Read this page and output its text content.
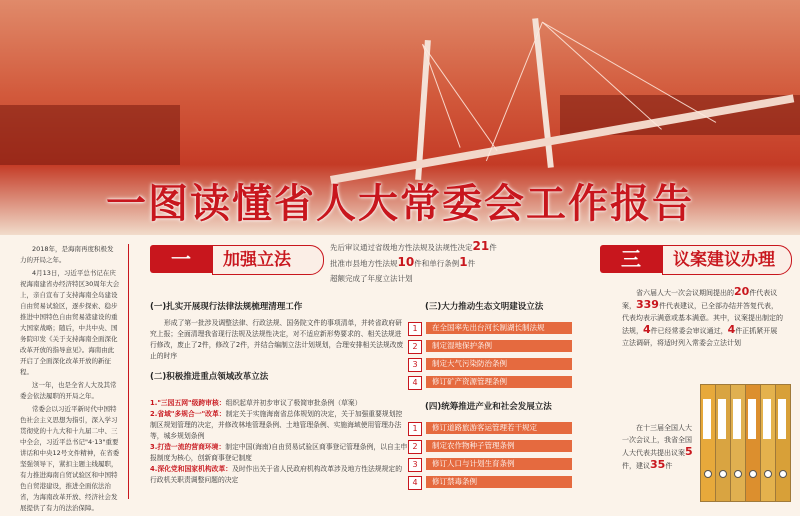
一图读懂省人大常委会工作报告

2018年，是海南再度积极发力的开局之年。

4月13日，习近平总书记在庆祝海南建省办经济特区30周年大会上，亲自宣布了支持海南全岛建设自由贸易试验区，逐步探索、稳步推进中国特色自由贸易港建设的重大国家战略；随后，中共中央、国务院印发《关于支持海南全面深化改革开放的指导意见》。海南由此开启了全面深化改革开放的新征程。

这一年，也是全省人大及其常委会依法履职的开局之年。

常委会以习近平新时代中国特色社会主义思想为指引，深入学习贯彻党的十九大和十九届二中、三中全会，习近平总书记"4·13"重要讲话和中央12号文件精神，在省委坚强领导下，紧扣主题主线履职，有力推进海南自贸试验区和中国特色自贸港建设，推进全面依法治省，为海南改革开放、经济社会发展提供了有力的法治保障。

一	加强立法
先后审议通过省级地方性法规及法规性决定21件
批准市县地方性法规10件和单行条例1件
超额完成了年度立法计划
(一)扎实开展现行法律法规梳理清理工作
形成了第一批涉及调整法律、行政法规、国务院文件的事项清单，并转省政府研究上报；全面清理我省现行法规及法规性决定，对不适应新形势要求的、相关法规进行修改，废止了2件，修改了2件，并结合编制立法计划规划，合理安排相关法规改废止的时序
(二)积极推进重点领域改革立法
1."三园五网"级跨审核：组织起草并初步审议了极简审批条例（草案）
2.省域"多规合一"改革：制定关于实施海南省总体规划的决定，关于加强重要规划控制区规划管理的决定，并修改林地管理条例、土地管理条例、实施海域使用管理办法等，城乡规划条例
3.打造一流的营商环境：制定中国(海南)自由贸易试验区商事登记管理条例，以自主申报制度为核心，创新商事登记制度
4.深化党和国家机构改革：及时作出关于省人民政府机构改革涉及地方性法规规定的行政机关职责调整问题的决定
(三)大力推动生态文明建设立法
1	在全国率先出台河长制湖长制法规
2	制定湿地保护条例
3	制定大气污染防治条例
4	修订矿产资源管理条例
(四)统筹推进产业和社会发展立法
1	修订道路旅游客运管理若干规定
2	制定农作物种子管理条例
3	修订人口与计划生育条例
4	修订禁毒条例
三	议案建议办理
省六届人大一次会议期间提出的20件代表议案，339件代表建议，已全部办结并答复代表，代表均表示满意或基本满意。其中，议案提出制定的法规，4件已经常委会审议通过，4件正抓紧开展立法调研，将适时列入常委会立法计划
在十三届全国人大一次会议上，我省全国人大代表共提出议案5件，建议35件
